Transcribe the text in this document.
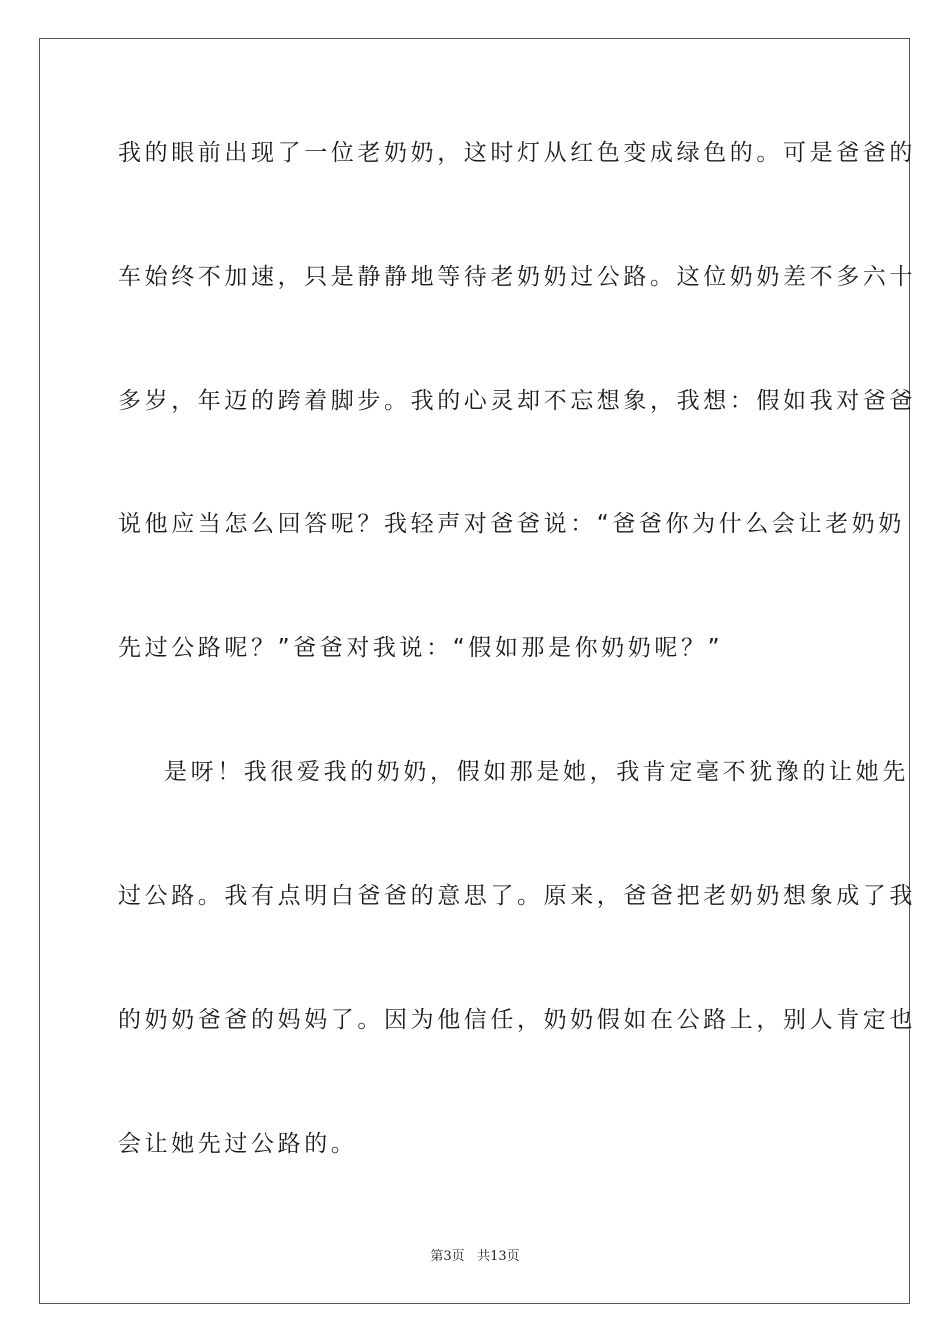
我的眼前出现了一位老奶奶，这时灯从红色变成绿色的。可是爸爸的
车始终不加速，只是静静地等待老奶奶过公路。这位奶奶差不多六十
多岁，年迈的跨着脚步。我的心灵却不忘想象，我想：假如我对爸爸
说他应当怎么回答呢？我轻声对爸爸说：“爸爸你为什么会让老奶奶
先过公路呢？”爸爸对我说：“假如那是你奶奶呢？”
是呀！我很爱我的奶奶，假如那是她，我肯定毫不犹豫的让她先
过公路。我有点明白爸爸的意思了。原来，爸爸把老奶奶想象成了我
的奶奶爸爸的妈妈了。因为他信任，奶奶假如在公路上，别人肯定也
会让她先过公路的。
第3页 共13页
